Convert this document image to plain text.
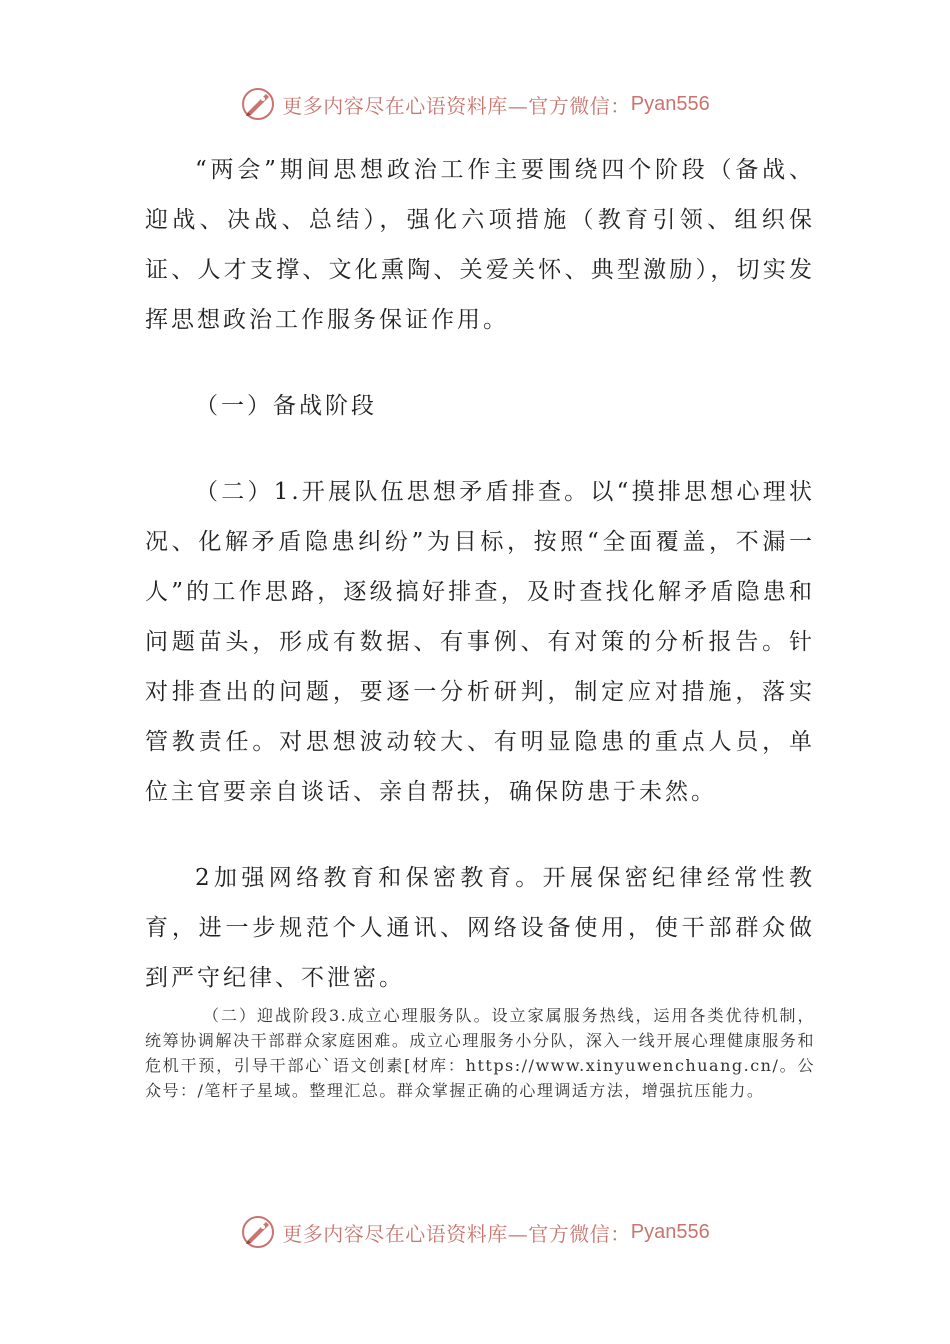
更多内容尽在心语资料库—官方微信： Pyan556

“两会”期间思想政治工作主要围绕四个阶段（备战、迎战、决战、总结），强化六项措施（教育引领、组织保证、人才支撑、文化熏陶、关爱关怀、典型激励），切实发挥思想政治工作服务保证作用。

（一）备战阶段

（二）1.开展队伍思想矛盾排查。以“摸排思想心理状况、化解矛盾隐患纠纷”为目标，按照“全面覆盖，不漏一人”的工作思路，逐级搞好排查，及时查找化解矛盾隐患和问题苗头，形成有数据、有事例、有对策的分析报告。针对排查出的问题，要逐一分析研判，制定应对措施，落实管教责任。对思想波动较大、有明显隐患的重点人员，单位主官要亲自谈话、亲自帮扶，确保防患于未然。

2加强网络教育和保密教育。开展保密纪律经常性教育，进一步规范个人通讯、网络设备使用，使干部群众做到严守纪律、不泄密。

（二）迎战阶段3.成立心理服务队。设立家属服务热线，运用各类优待机制，统筹协调解决干部群众家庭困难。成立心理服务小分队，深入一线开展心理健康服务和危机干预，引导干部心`语文创素[材库：https://www.xinyuwenchuang.cn/。公众号：/笔杆子星域。整理汇总。群众掌握正确的心理调适方法，增强抗压能力。

更多内容尽在心语资料库—官方微信： Pyan556
